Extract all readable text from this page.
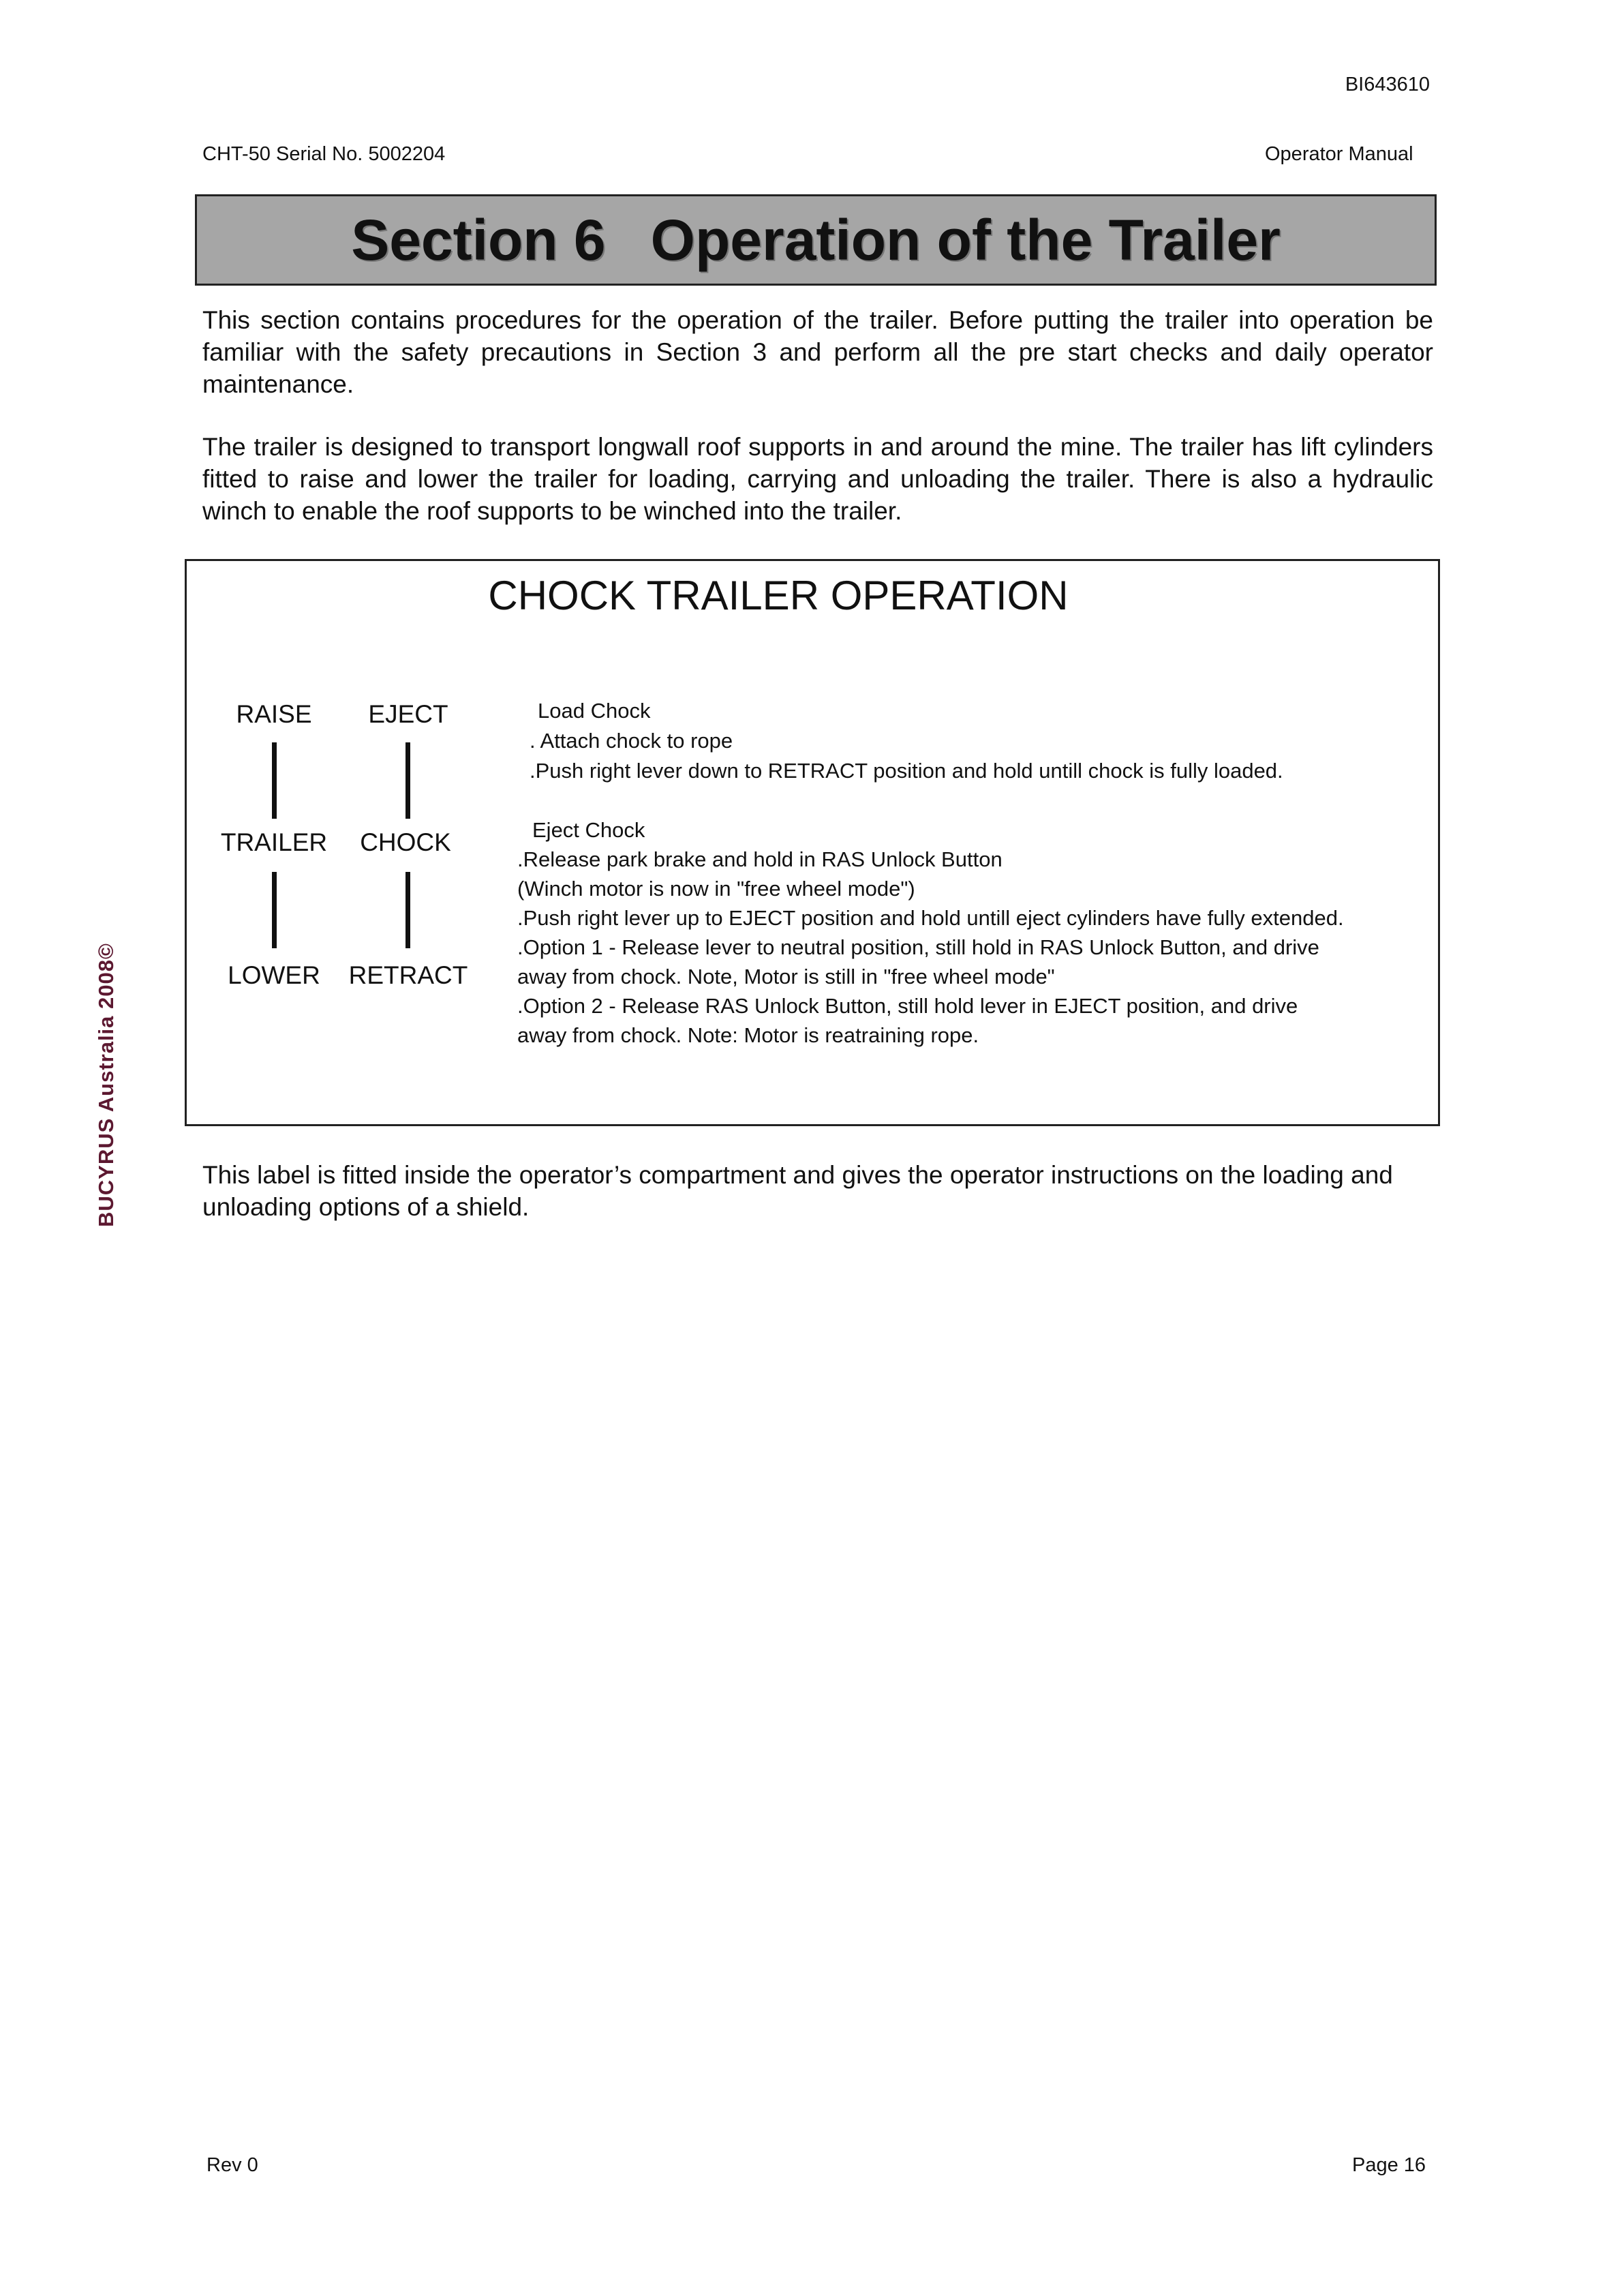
BI643610
CHT-50 Serial No. 5002204	Operator Manual
Section 6 Operation of the Trailer

This section contains procedures for the operation of the trailer. Before putting the trailer into operation be familiar with the safety precautions in Section 3 and perform all the pre start checks and daily operator maintenance.

The trailer is designed to transport longwall roof supports in and around the mine. The trailer has lift cylinders fitted to raise and lower the trailer for loading, carrying and unloading the trailer. There is also a hydraulic winch to enable the roof supports to be winched into the trailer.

CHOCK TRAILER OPERATION
RAISE
TRAILER
LOWER
EJECT
CHOCK
RETRACT
Load Chock
. Attach chock to rope
.Push right lever down to RETRACT position and hold untill chock is fully loaded.
Eject Chock
.Release park brake and hold in RAS Unlock Button
(Winch motor is now in "free wheel mode")
.Push right lever up to EJECT position and hold untill eject cylinders have fully extended.
.Option 1 - Release lever to neutral position, still hold in RAS Unlock Button, and drive
away from chock. Note, Motor is still in "free wheel mode"
.Option 2 - Release RAS Unlock Button, still hold lever in EJECT position, and drive
away from chock. Note: Motor is reatraining rope.

This label is fitted inside the operator’s compartment and gives the operator instructions on the loading and unloading options of a shield.

BUCYRUS Australia 2008©
Rev 0	Page 16
